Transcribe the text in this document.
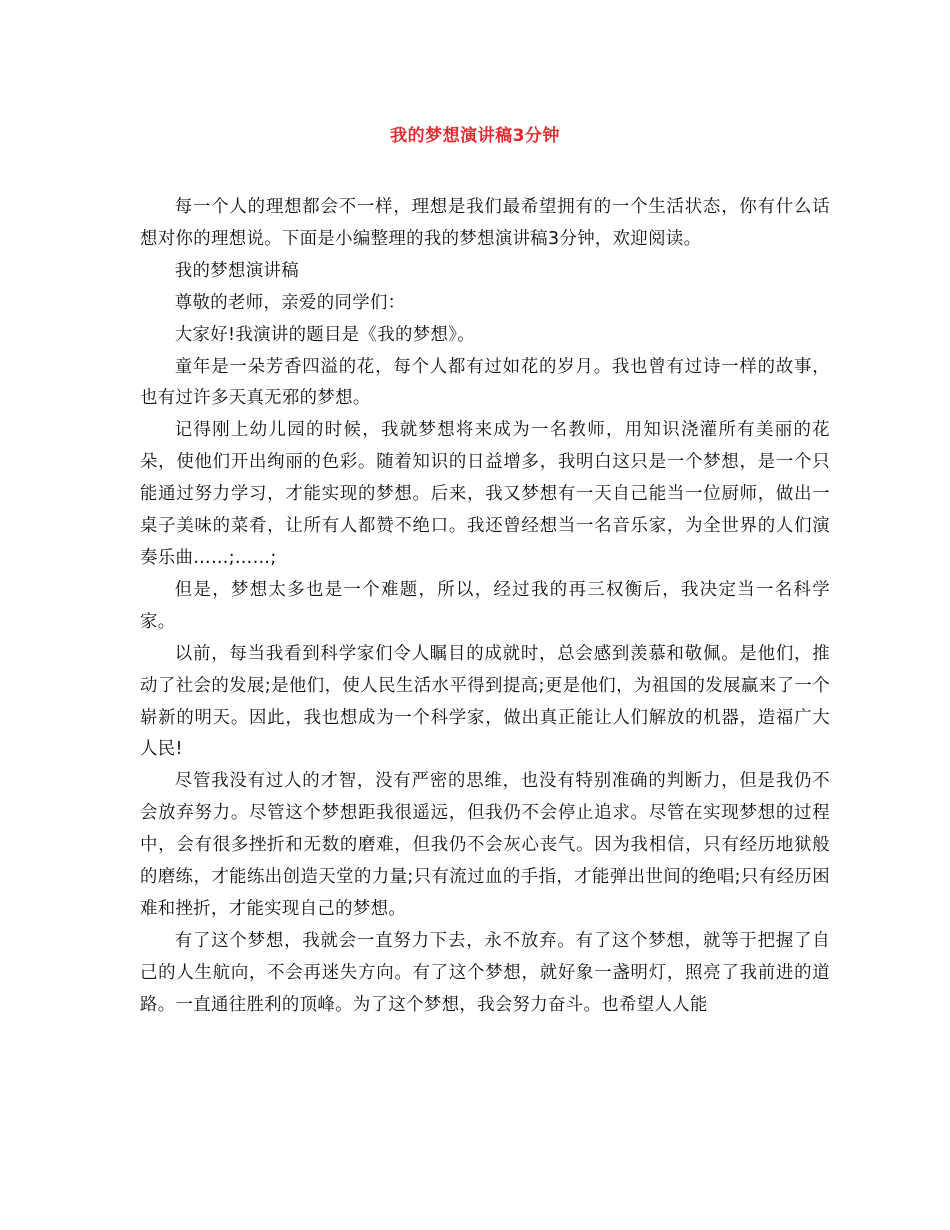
我的梦想演讲稿3分钟

每一个人的理想都会不一样，理想是我们最希望拥有的一个生活状态，你有什么话想对你的理想说。下面是小编整理的我的梦想演讲稿3分钟，欢迎阅读。

我的梦想演讲稿

尊敬的老师，亲爱的同学们：

大家好!我演讲的题目是《我的梦想》。

童年是一朵芳香四溢的花，每个人都有过如花的岁月。我也曾有过诗一样的故事，也有过许多天真无邪的梦想。

记得刚上幼儿园的时候，我就梦想将来成为一名教师，用知识浇灌所有美丽的花朵，使他们开出绚丽的色彩。随着知识的日益增多，我明白这只是一个梦想，是一个只能通过努力学习，才能实现的梦想。后来，我又梦想有一天自己能当一位厨师，做出一桌子美味的菜肴，让所有人都赞不绝口。我还曾经想当一名音乐家，为全世界的人们演奏乐曲……;……;

但是，梦想太多也是一个难题，所以，经过我的再三权衡后，我决定当一名科学家。

以前，每当我看到科学家们令人瞩目的成就时，总会感到羡慕和敬佩。是他们，推动了社会的发展;是他们，使人民生活水平得到提高;更是他们，为祖国的发展赢来了一个崭新的明天。因此，我也想成为一个科学家，做出真正能让人们解放的机器，造福广大人民!

尽管我没有过人的才智，没有严密的思维，也没有特别准确的判断力，但是我仍不会放弃努力。尽管这个梦想距我很遥远，但我仍不会停止追求。尽管在实现梦想的过程中，会有很多挫折和无数的磨难，但我仍不会灰心丧气。因为我相信，只有经历地狱般的磨练，才能练出创造天堂的力量;只有流过血的手指，才能弹出世间的绝唱;只有经历困难和挫折，才能实现自己的梦想。

有了这个梦想，我就会一直努力下去，永不放弃。有了这个梦想，就等于把握了自己的人生航向，不会再迷失方向。有了这个梦想，就好象一盏明灯，照亮了我前进的道路。一直通往胜利的顶峰。为了这个梦想，我会努力奋斗。也希望人人能
